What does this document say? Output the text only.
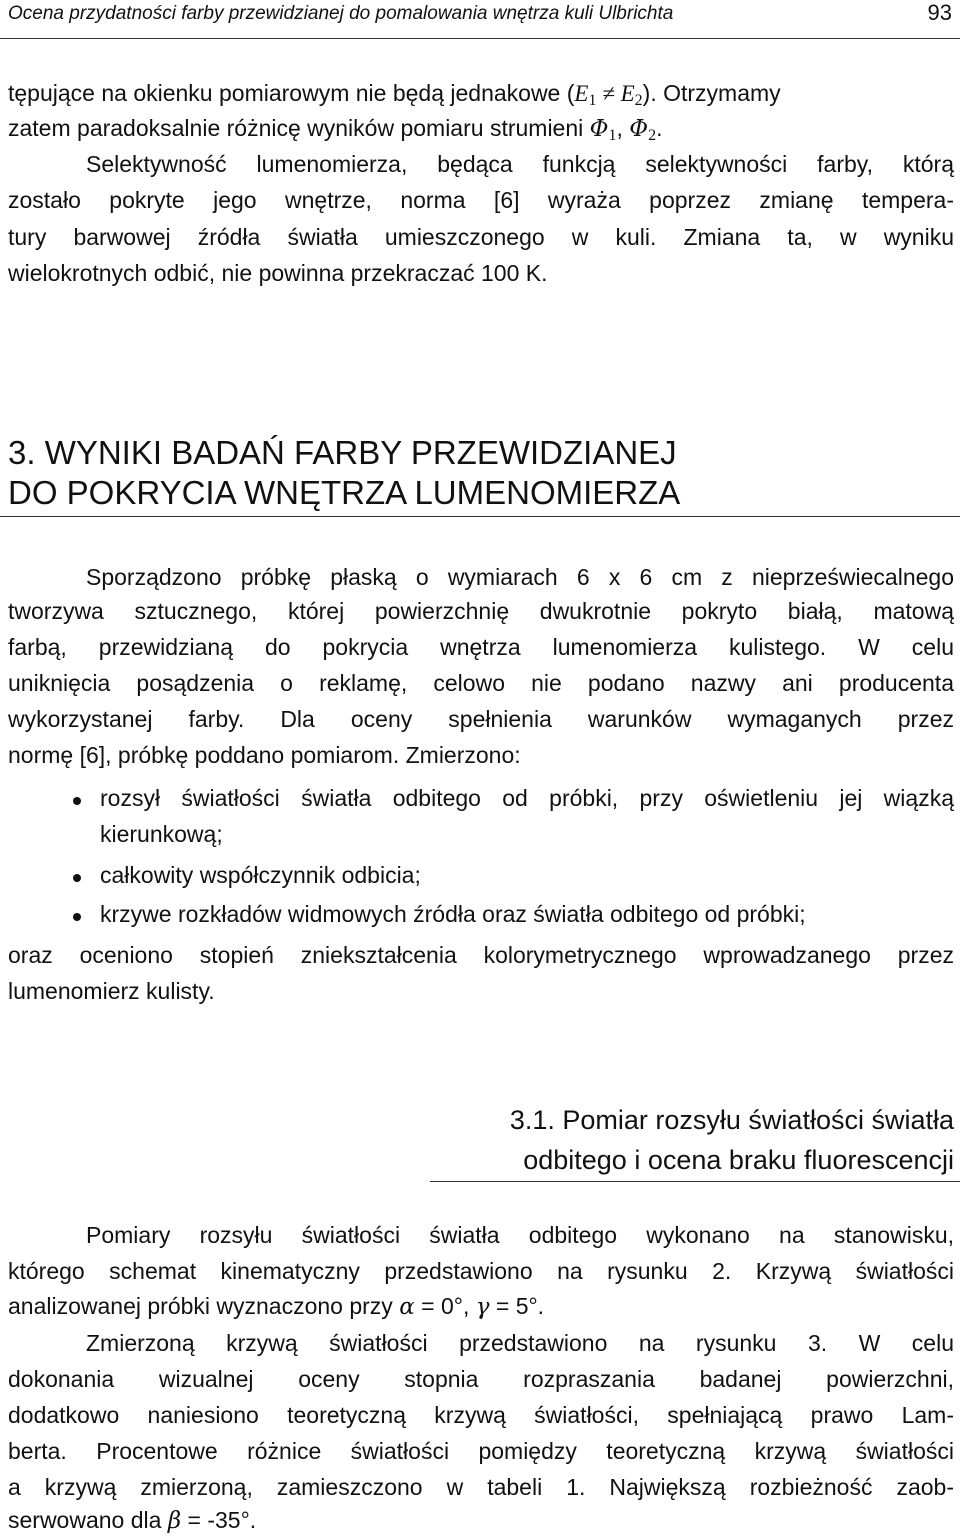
Ocena przydatności farby przewidzianej do pomalowania wnętrza kuli Ulbrichta	93
tępujące na okienku pomiarowym nie będą jednakowe $(E_1 \ne E_2)$. Otrzymamy
zatem paradoksalnie różnicę wyników pomiaru strumieni $\Phi_1$, $\Phi_2$.
Selektywność lumenomierza, będąca funkcją selektywności farby, którą
zostało pokryte jego wnętrze, norma [6] wyraża poprzez zmianę tempera-
tury barwowej źródła światła umieszczonego w kuli. Zmiana ta, w wyniku
wielokrotnych odbić, nie powinna przekraczać 100 K.
3. WYNIKI BADAŃ FARBY PRZEWIDZIANEJ
DO POKRYCIA WNĘTRZA LUMENOMIERZA
Sporządzono próbkę płaską o wymiarach 6 x 6 cm z nieprzeświecalnego
tworzywa sztucznego, której powierzchnię dwukrotnie pokryto białą, matową
farbą, przewidzianą do pokrycia wnętrza lumenomierza kulistego. W celu
uniknięcia posądzenia o reklamę, celowo nie podano nazwy ani producenta
wykorzystanej farby. Dla oceny spełnienia warunków wymaganych przez
normę [6], próbkę poddano pomiarom. Zmierzono:
rozsył światłości światła odbitego od próbki, przy oświetleniu jej wiązką
kierunkową;
całkowity współczynnik odbicia;
krzywe rozkładów widmowych źródła oraz światła odbitego od próbki;
oraz oceniono stopień zniekształcenia kolorymetrycznego wprowadzanego przez
lumenomierz kulisty.
3.1. Pomiar rozsyłu światłości światła
odbitego i ocena braku fluorescencji
Pomiary rozsyłu światłości światła odbitego wykonano na stanowisku,
którego schemat kinematyczny przedstawiono na rysunku 2. Krzywą światłości
analizowanej próbki wyznaczono przy α = 0°, γ = 5°.
Zmierzoną krzywą światłości przedstawiono na rysunku 3. W celu
dokonania wizualnej oceny stopnia rozpraszania badanej powierzchni,
dodatkowo naniesiono teoretyczną krzywą światłości, spełniającą prawo Lam-
berta. Procentowe różnice światłości pomiędzy teoretyczną krzywą światłości
a krzywą zmierzoną, zamieszczono w tabeli 1. Największą rozbieżność zaob-
serwowano dla β = -35°.
